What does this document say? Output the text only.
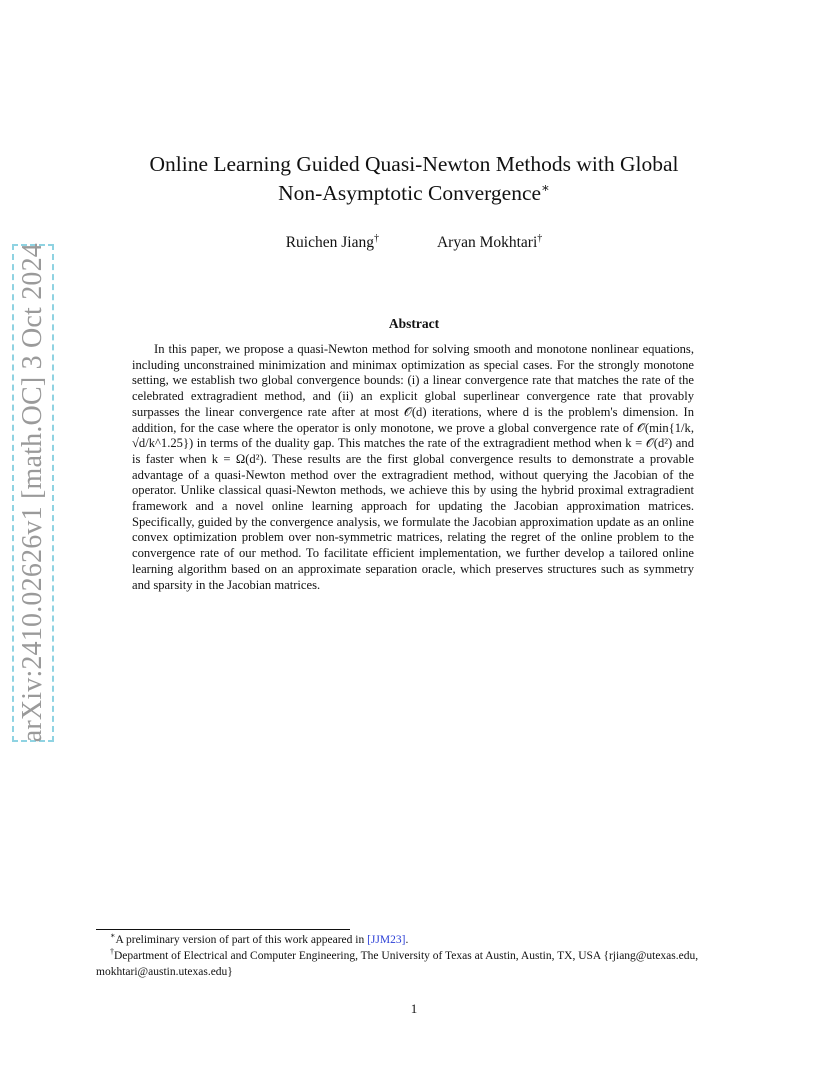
arXiv:2410.02626v1 [math.OC] 3 Oct 2024
Online Learning Guided Quasi-Newton Methods with Global
Non-Asymptotic Convergence∗
Ruichen Jiang†	Aryan Mokhtari†
Abstract

In this paper, we propose a quasi-Newton method for solving smooth and monotone nonlinear equations, including unconstrained minimization and minimax optimization as special cases. For the strongly monotone setting, we establish two global convergence bounds: (i) a linear convergence rate that matches the rate of the celebrated extragradient method, and (ii) an explicit global superlinear convergence rate that provably surpasses the linear convergence rate after at most 𝒪(d) iterations, where d is the problem's dimension. In addition, for the case where the operator is only monotone, we prove a global convergence rate of 𝒪(min{1/k, √d/k^1.25}) in terms of the duality gap. This matches the rate of the extragradient method when k = 𝒪(d²) and is faster when k = Ω(d²). These results are the first global convergence results to demonstrate a provable advantage of a quasi-Newton method over the extragradient method, without querying the Jacobian of the operator. Unlike classical quasi-Newton methods, we achieve this by using the hybrid proximal extragradient framework and a novel online learning approach for updating the Jacobian approximation matrices. Specifically, guided by the convergence analysis, we formulate the Jacobian approximation update as an online convex optimization problem over non-symmetric matrices, relating the regret of the online problem to the convergence rate of our method. To facilitate efficient implementation, we further develop a tailored online learning algorithm based on an approximate separation oracle, which preserves structures such as symmetry and sparsity in the Jacobian matrices.

∗A preliminary version of part of this work appeared in [JJM23].

†Department of Electrical and Computer Engineering, The University of Texas at Austin, Austin, TX, USA {rjiang@utexas.edu, mokhtari@austin.utexas.edu}

1
